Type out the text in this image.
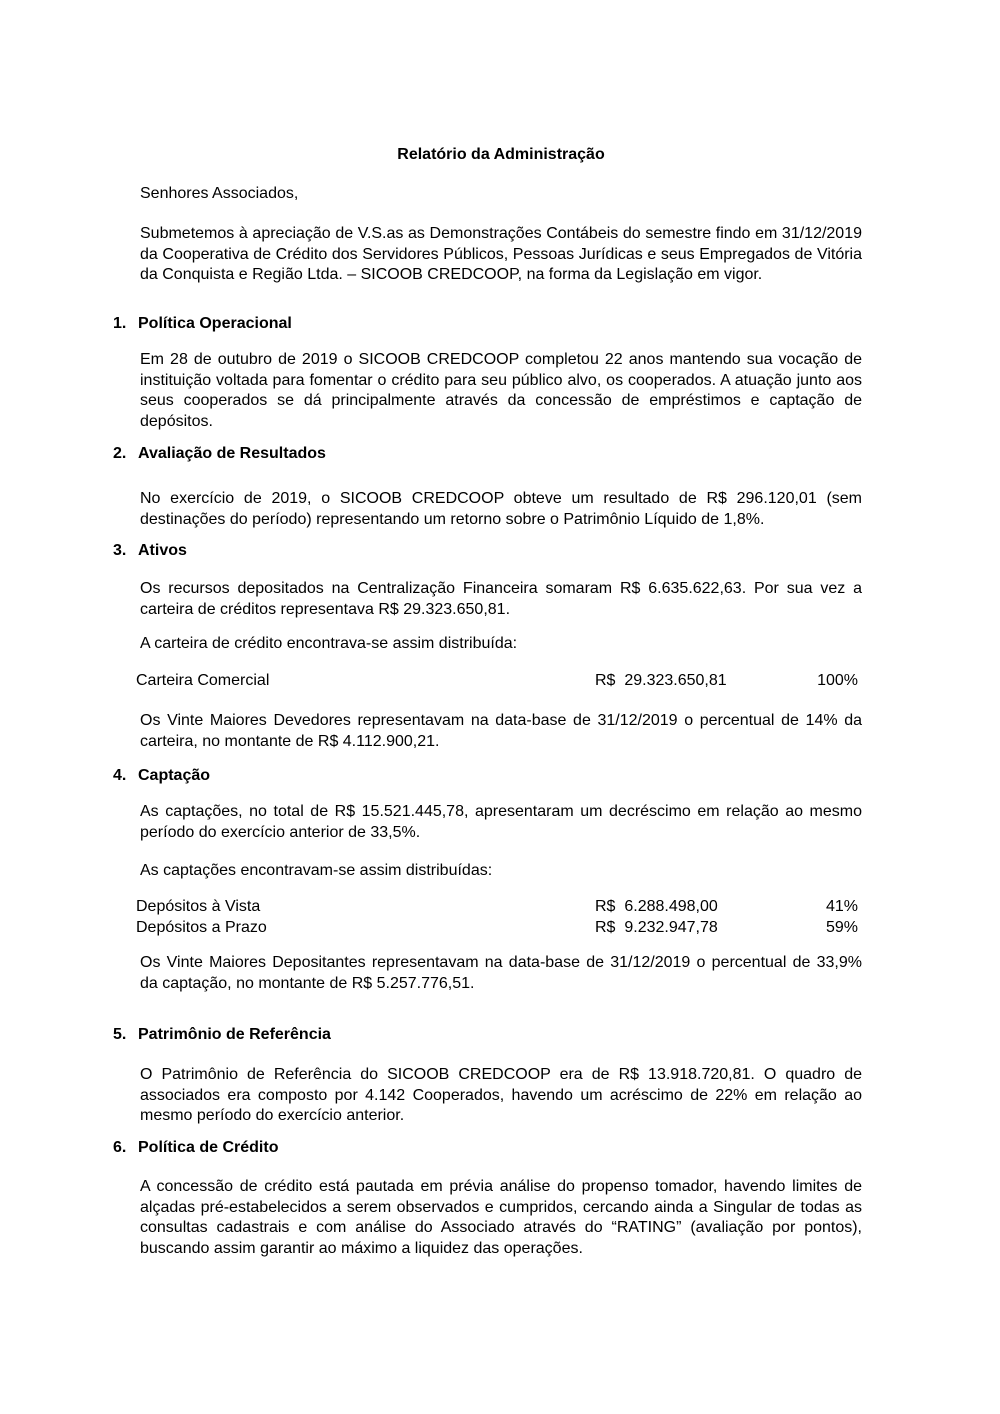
Relatório da Administração
Senhores Associados,
Submetemos à apreciação de V.S.as as Demonstrações Contábeis do semestre findo em 31/12/2019 da Cooperativa de Crédito dos Servidores Públicos, Pessoas Jurídicas e seus Empregados de Vitória da Conquista e Região Ltda. – SICOOB CREDCOOP, na forma da Legislação em vigor.
1. Política Operacional
Em 28 de outubro de 2019 o SICOOB CREDCOOP completou 22 anos mantendo sua vocação de instituição voltada para fomentar o crédito para seu público alvo, os cooperados. A atuação junto aos seus cooperados se dá principalmente através da concessão de empréstimos e captação de depósitos.
2. Avaliação de Resultados
No exercício de 2019, o SICOOB CREDCOOP obteve um resultado de R$ 296.120,01 (sem destinações do período) representando um retorno sobre o Patrimônio Líquido de 1,8%.
3. Ativos
Os recursos depositados na Centralização Financeira somaram R$ 6.635.622,63. Por sua vez a carteira de créditos representava R$ 29.323.650,81.
A carteira de crédito encontrava-se assim distribuída:
Carteira Comercial	R$  29.323.650,81	100%
Os Vinte Maiores Devedores representavam na data-base de 31/12/2019 o percentual de 14% da carteira, no montante de R$ 4.112.900,21.
4. Captação
As captações, no total de R$ 15.521.445,78, apresentaram um decréscimo em relação ao mesmo período do exercício anterior de 33,5%.
As captações encontravam-se assim distribuídas:
Depósitos à Vista	R$  6.288.498,00	41%
Depósitos a Prazo	R$  9.232.947,78	59%
Os Vinte Maiores Depositantes representavam na data-base de 31/12/2019 o percentual de 33,9% da captação, no montante de R$ 5.257.776,51.
5. Patrimônio de Referência
O Patrimônio de Referência do SICOOB CREDCOOP era de R$ 13.918.720,81. O quadro de associados era composto por 4.142 Cooperados, havendo um acréscimo de 22% em relação ao mesmo período do exercício anterior.
6. Política de Crédito
A concessão de crédito está pautada em prévia análise do propenso tomador, havendo limites de alçadas pré-estabelecidos a serem observados e cumpridos, cercando ainda a Singular de todas as consultas cadastrais e com análise do Associado através do “RATING” (avaliação por pontos), buscando assim garantir ao máximo a liquidez das operações.
